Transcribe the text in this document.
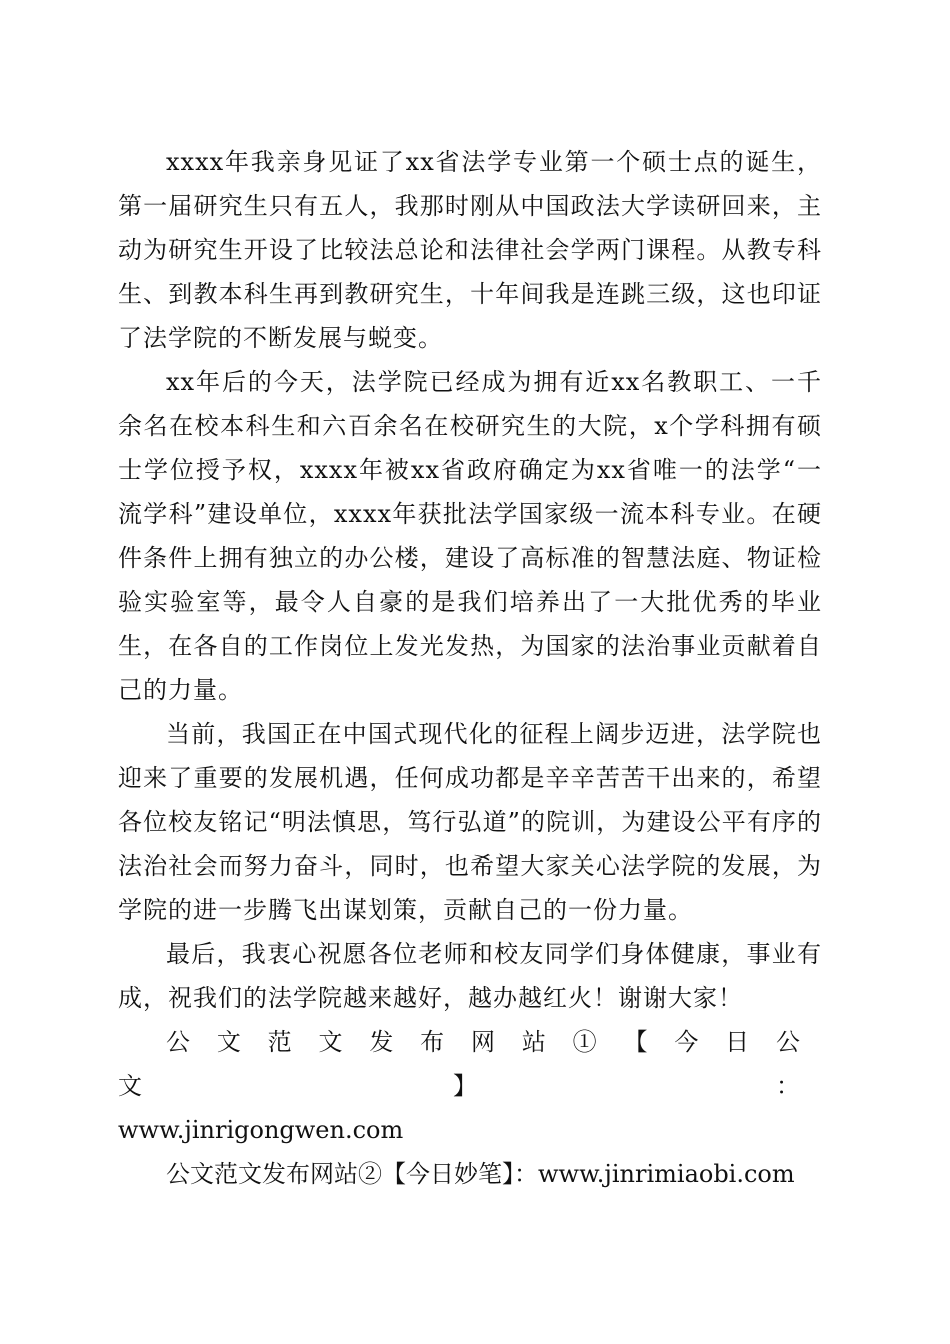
xxxx年我亲身见证了xx省法学专业第一个硕士点的诞生，第一届研究生只有五人，我那时刚从中国政法大学读研回来，主动为研究生开设了比较法总论和法律社会学两门课程。从教专科生、到教本科生再到教研究生，十年间我是连跳三级，这也印证了法学院的不断发展与蜕变。

xx年后的今天，法学院已经成为拥有近xx名教职工、一千余名在校本科生和六百余名在校研究生的大院，x个学科拥有硕士学位授予权，xxxx年被xx省政府确定为xx省唯一的法学“一流学科”建设单位，xxxx年获批法学国家级一流本科专业。在硬件条件上拥有独立的办公楼，建设了高标准的智慧法庭、物证检验实验室等，最令人自豪的是我们培养出了一大批优秀的毕业生，在各自的工作岗位上发光发热，为国家的法治事业贡献着自己的力量。

当前，我国正在中国式现代化的征程上阔步迈进，法学院也迎来了重要的发展机遇，任何成功都是辛辛苦苦干出来的，希望各位校友铭记“明法慎思，笃行弘道”的院训，为建设公平有序的法治社会而努力奋斗，同时，也希望大家关心法学院的发展，为学院的进一步腾飞出谋划策，贡献自己的一份力量。

最后，我衷心祝愿各位老师和校友同学们身体健康，事业有成，祝我们的法学院越来越好，越办越红火！谢谢大家！

公文范文发布网站①【今日公文】：

www.jinrigongwen.com

公文范文发布网站②【今日妙笔】：www.jinrimiaobi.com
